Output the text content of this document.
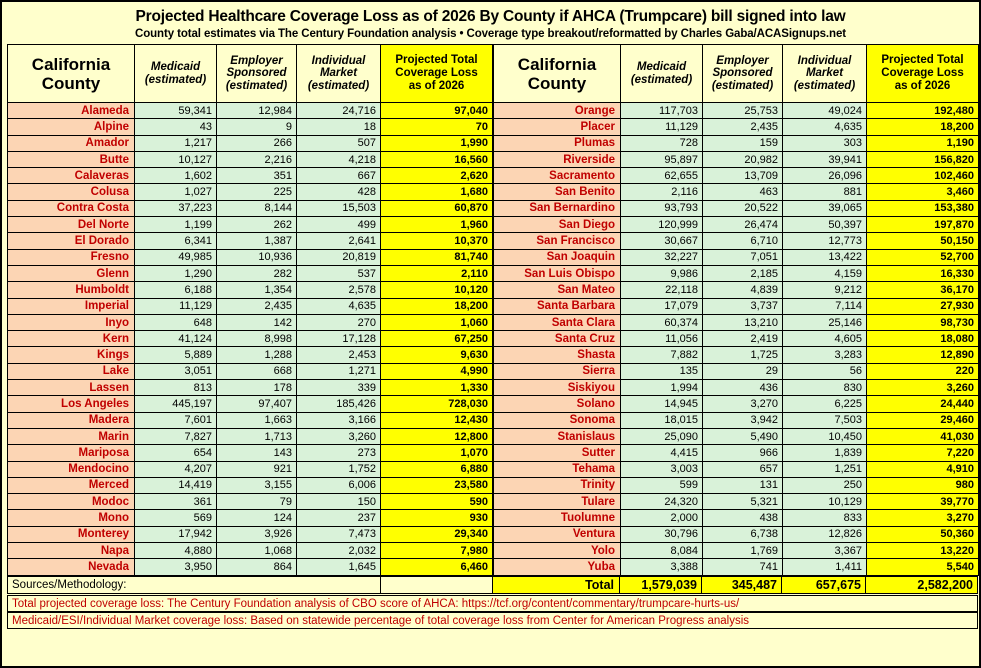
Projected Healthcare Coverage Loss as of 2026 By County if AHCA (Trumpcare) bill signed into law
County total estimates via The Century Foundation analysis • Coverage type breakout/reformatted by Charles Gaba/ACASignups.net
California
County

Medicaid
(estimated)

Employer
Sponsored
(estimated)

Individual
Market
(estimated)

Projected Total
Coverage Loss
as of 2026

Alameda	59,341	12,984	24,716	97,040
Alpine	43	9	18	70
Amador	1,217	266	507	1,990
Butte	10,127	2,216	4,218	16,560
Calaveras	1,602	351	667	2,620
Colusa	1,027	225	428	1,680
Contra Costa	37,223	8,144	15,503	60,870
Del Norte	1,199	262	499	1,960
El Dorado	6,341	1,387	2,641	10,370
Fresno	49,985	10,936	20,819	81,740
Glenn	1,290	282	537	2,110
Humboldt	6,188	1,354	2,578	10,120
Imperial	11,129	2,435	4,635	18,200
Inyo	648	142	270	1,060
Kern	41,124	8,998	17,128	67,250
Kings	5,889	1,288	2,453	9,630
Lake	3,051	668	1,271	4,990
Lassen	813	178	339	1,330
Los Angeles	445,197	97,407	185,426	728,030
Madera	7,601	1,663	3,166	12,430
Marin	7,827	1,713	3,260	12,800
Mariposa	654	143	273	1,070
Mendocino	4,207	921	1,752	6,880
Merced	14,419	3,155	6,006	23,580
Modoc	361	79	150	590
Mono	569	124	237	930
Monterey	17,942	3,926	7,473	29,340
Napa	4,880	1,068	2,032	7,980
Nevada	3,950	864	1,645	6,460
California
County

Medicaid
(estimated)

Employer
Sponsored
(estimated)

Individual
Market
(estimated)

Projected Total
Coverage Loss
as of 2026

Orange	117,703	25,753	49,024	192,480
Placer	11,129	2,435	4,635	18,200
Plumas	728	159	303	1,190
Riverside	95,897	20,982	39,941	156,820
Sacramento	62,655	13,709	26,096	102,460
San Benito	2,116	463	881	3,460
San Bernardino	93,793	20,522	39,065	153,380
San Diego	120,999	26,474	50,397	197,870
San Francisco	30,667	6,710	12,773	50,150
San Joaquin	32,227	7,051	13,422	52,700
San Luis Obispo	9,986	2,185	4,159	16,330
San Mateo	22,118	4,839	9,212	36,170
Santa Barbara	17,079	3,737	7,114	27,930
Santa Clara	60,374	13,210	25,146	98,730
Santa Cruz	11,056	2,419	4,605	18,080
Shasta	7,882	1,725	3,283	12,890
Sierra	135	29	56	220
Siskiyou	1,994	436	830	3,260
Solano	14,945	3,270	6,225	24,440
Sonoma	18,015	3,942	7,503	29,460
Stanislaus	25,090	5,490	10,450	41,030
Sutter	4,415	966	1,839	7,220
Tehama	3,003	657	1,251	4,910
Trinity	599	131	250	980
Tulare	24,320	5,321	10,129	39,770
Tuolumne	2,000	438	833	3,270
Ventura	30,796	6,738	12,826	50,360
Yolo	8,084	1,769	3,367	13,220
Yuba	3,388	741	1,411	5,540
Sources/Methodology:		Total	1,579,039	345,487	657,675	2,582,200
Total projected coverage loss: The Century Foundation analysis of CBO score of AHCA: https://tcf.org/content/commentary/trumpcare-hurts-us/
Medicaid/ESI/Individual Market coverage loss: Based on statewide percentage of total coverage loss from Center for American Progress analysis
